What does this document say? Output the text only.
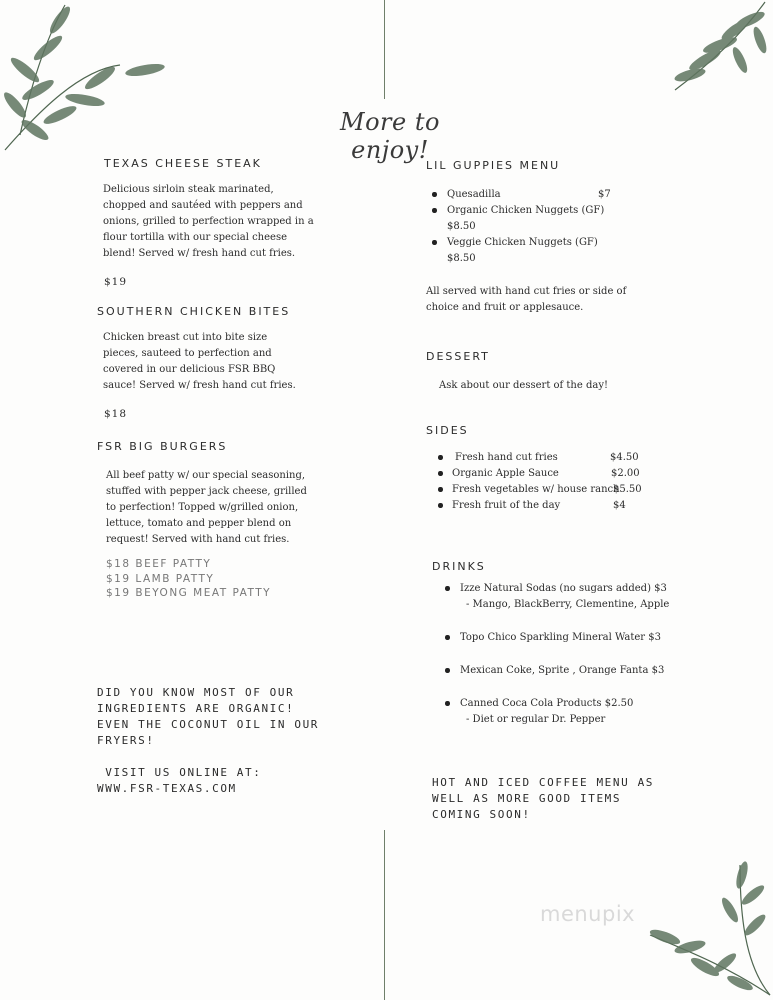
More to enjoy!
TEXAS CHEESE STEAK
Delicious sirloin steak marinated,
chopped and sautéed with peppers and
onions, grilled to perfection wrapped in a
flour tortilla with our special cheese
blend! Served w/ fresh hand cut fries.
$19
SOUTHERN CHICKEN BITES
Chicken breast cut into bite size
pieces, sauteed to perfection and
covered in our delicious FSR BBQ
sauce! Served w/ fresh hand cut fries.
$18
FSR BIG BURGERS
All beef patty w/ our special seasoning,
stuffed with pepper jack cheese, grilled
to perfection! Topped w/grilled onion,
lettuce, tomato and pepper blend on
request! Served with hand cut fries.
$18 BEEF PATTY
$19 LAMB PATTY
$19 BEYONG MEAT PATTY
DID YOU KNOW MOST OF OUR
INGREDIENTS ARE ORGANIC!
EVEN THE COCONUT OIL IN OUR
FRYERS!
VISIT US ONLINE AT:
WWW.FSR-TEXAS.COM
LIL GUPPIES MENU
Quesadilla	$7
Organic Chicken Nuggets (GF)
$8.50
Veggie Chicken Nuggets (GF)
$8.50
All served with hand cut fries or side of
choice and fruit or applesauce.
DESSERT
Ask about our dessert of the day!
SIDES
Fresh hand cut fries	$4.50
Organic Apple Sauce	$2.00
Fresh vegetables w/ house ranch
$5.50
Fresh fruit of the day	$4
DRINKS
Izze Natural Sodas (no sugars added) $3
- Mango, BlackBerry, Clementine, Apple
Topo Chico Sparkling Mineral Water $3
Mexican Coke, Sprite , Orange Fanta $3
Canned Coca Cola Products $2.50
- Diet or regular Dr. Pepper
HOT AND ICED COFFEE MENU AS
WELL AS MORE GOOD ITEMS
COMING SOON!
menupix
